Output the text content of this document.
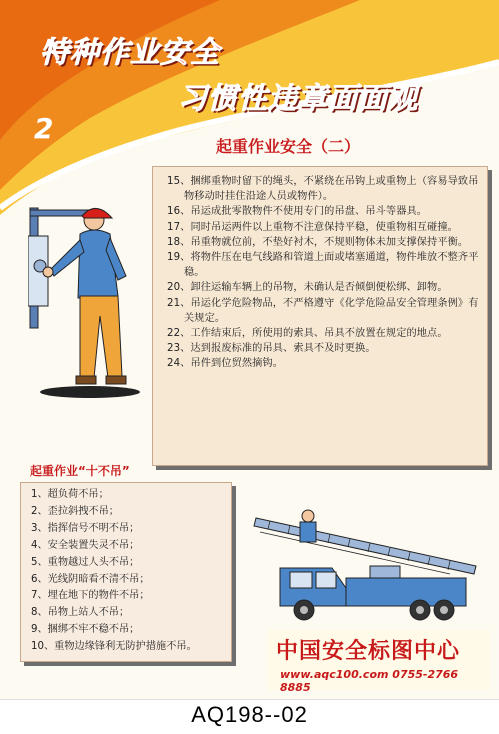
特种作业安全
习惯性违章面面观
2
起重作业安全（二）
15、捆绑重物时留下的绳头，不紧绕在吊钩上或重物上（容易导致吊物移动时挂住沿途人员或物件）。
16、吊运成批零散物件不使用专门的吊盘、吊斗等器具。
17、同时吊运两件以上重物不注意保持平稳，使重物相互碰撞。
18、吊重物就位前，不垫好衬木，不规则物体未加支撑保持平衡。
19、将物件压在电气线路和管道上面或堵塞通道，物件堆放不整齐平稳。
20、卸往运输车辆上的吊物，未确认是否倾倒便松绑、卸物。
21、吊运化学危险物品，不严格遵守《化学危险品安全管理条例》有关规定。
22、工作结束后，所使用的索具、吊具不放置在规定的地点。
23、达到报废标准的吊具、索具不及时更换。
24、吊件到位贸然摘钩。
起重作业“十不吊”
1、超负荷不吊；
2、歪拉斜拽不吊；
3、指挥信号不明不吊；
4、安全装置失灵不吊；
5、重物越过人头不吊；
6、光线阴暗看不清不吊；
7、埋在地下的物件不吊；
8、吊物上站人不吊；
9、捆绑不牢不稳不吊；
10、重物边缘锋利无防护措施不吊。	中国安全标图中心
www.aqc100.com 0755-2766 8885
AQ198--02
